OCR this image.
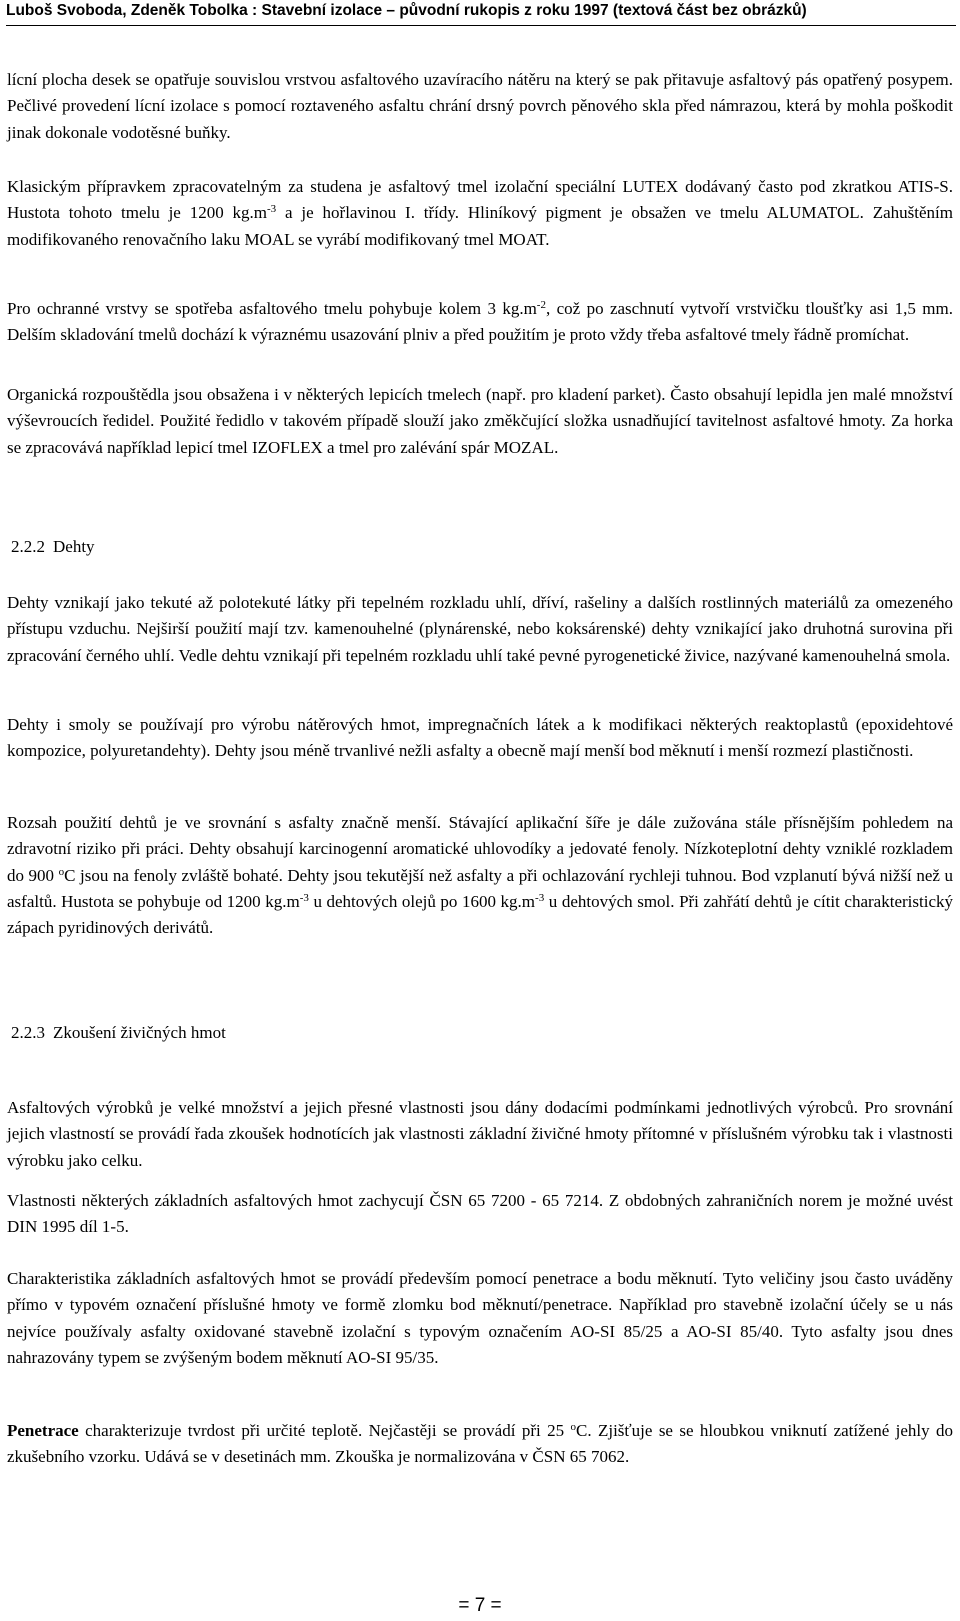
Luboš Svoboda, Zdeněk Tobolka : Stavební izolace – původní rukopis z roku 1997 (textová část bez obrázků)

lícní plocha desek se opatřuje souvislou vrstvou asfaltového uzavíracího nátěru na který se pak přitavuje asfaltový pás opatřený posypem. Pečlivé provedení lícní izolace s pomocí roztaveného asfaltu chrání drsný povrch pěnového skla před námrazou, která by mohla poškodit jinak dokonale vodotěsné buňky.

Klasickým přípravkem zpracovatelným za studena je asfaltový tmel izolační speciální LUTEX dodávaný často pod zkratkou ATIS-S. Hustota tohoto tmelu je 1200 $kg.m^{-3}$ a je hořlavinou I. třídy. Hliníkový pigment je obsažen ve tmelu ALUMATOL. Zahuštěním modifikovaného renovačního laku MOAL se vyrábí modifikovaný tmel MOAT.

Pro ochranné vrstvy se spotřeba asfaltového tmelu pohybuje kolem 3 $kg.m^{-2}$, což po zaschnutí vytvoří vrstvičku tloušťky asi 1,5 mm. Delším skladování tmelů dochází k výraznému usazování plniv a před použitím je proto vždy třeba asfaltové tmely řádně promíchat.

Organická rozpouštědla jsou obsažena i v některých lepicích tmelech (např. pro kladení parket). Často obsahují lepidla jen malé množství výševroucích ředidel. Použité ředidlo v takovém případě slouží jako změkčující složka usnadňující tavitelnost asfaltové hmoty. Za horka se zpracovává například lepicí tmel IZOFLEX a tmel pro zalévání spár MOZAL.

2.2.2 Dehty

Dehty vznikají jako tekuté až polotekuté látky při tepelném rozkladu uhlí, dříví, rašeliny a dalších rostlinných materiálů za omezeného přístupu vzduchu. Nejširší použití mají tzv. kamenouhelné (plynárenské, nebo koksárenské) dehty vznikající jako druhotná surovina při zpracování černého uhlí. Vedle dehtu vznikají při tepelném rozkladu uhlí také pevné pyrogenetické živice, nazývané kamenouhelná smola.

Dehty i smoly se používají pro výrobu nátěrových hmot, impregnačních látek a k modifikaci některých reaktoplastů (epoxidehtové kompozice, polyuretandehty). Dehty jsou méně trvanlivé nežli asfalty a obecně mají menší bod měknutí i menší rozmezí plastičnosti.

Rozsah použití dehtů je ve srovnání s asfalty značně menší. Stávající aplikační šíře je dále zužována stále přísnějším pohledem na zdravotní riziko při práci. Dehty obsahují karcinogenní aromatické uhlovodíky a jedovaté fenoly. Nízkoteplotní dehty vzniklé rozkladem do 900 $^o$C jsou na fenoly zvláště bohaté. Dehty jsou tekutější než asfalty a při ochlazování rychleji tuhnou. Bod vzplanutí bývá nižší než u asfaltů. Hustota se pohybuje od 1200 $kg.m^{-3}$ u dehtových olejů po 1600 $kg.m^{-3}$ u dehtových smol. Při zahřátí dehtů je cítit charakteristický zápach pyridinových derivátů.

2.2.3 Zkoušení živičných hmot

Asfaltových výrobků je velké množství a jejich přesné vlastnosti jsou dány dodacími podmínkami jednotlivých výrobců. Pro srovnání jejich vlastností se provádí řada zkoušek hodnotících jak vlastnosti základní živičné hmoty přítomné v příslušném výrobku tak i vlastnosti výrobku jako celku.

Vlastnosti některých základních asfaltových hmot zachycují ČSN 65 7200 - 65 7214. Z obdobných zahraničních norem je možné uvést DIN 1995 díl 1-5.

Charakteristika základních asfaltových hmot se provádí především pomocí penetrace a bodu měknutí. Tyto veličiny jsou často uváděny přímo v typovém označení příslušné hmoty ve formě zlomku bod měknutí/penetrace. Například pro stavebně izolační účely se u nás nejvíce používaly asfalty oxidované stavebně izolační s typovým označením AO-SI 85/25 a AO-SI 85/40. Tyto asfalty jsou dnes nahrazovány typem se zvýšeným bodem měknutí AO-SI 95/35.

Penetrace charakterizuje tvrdost při určité teplotě. Nejčastěji se provádí při 25 $^o$C. Zjišťuje se se hloubkou vniknutí zatížené jehly do zkušebního vzorku. Udává se v desetinách mm. Zkouška je normalizována v ČSN 65 7062.

= 7 =
